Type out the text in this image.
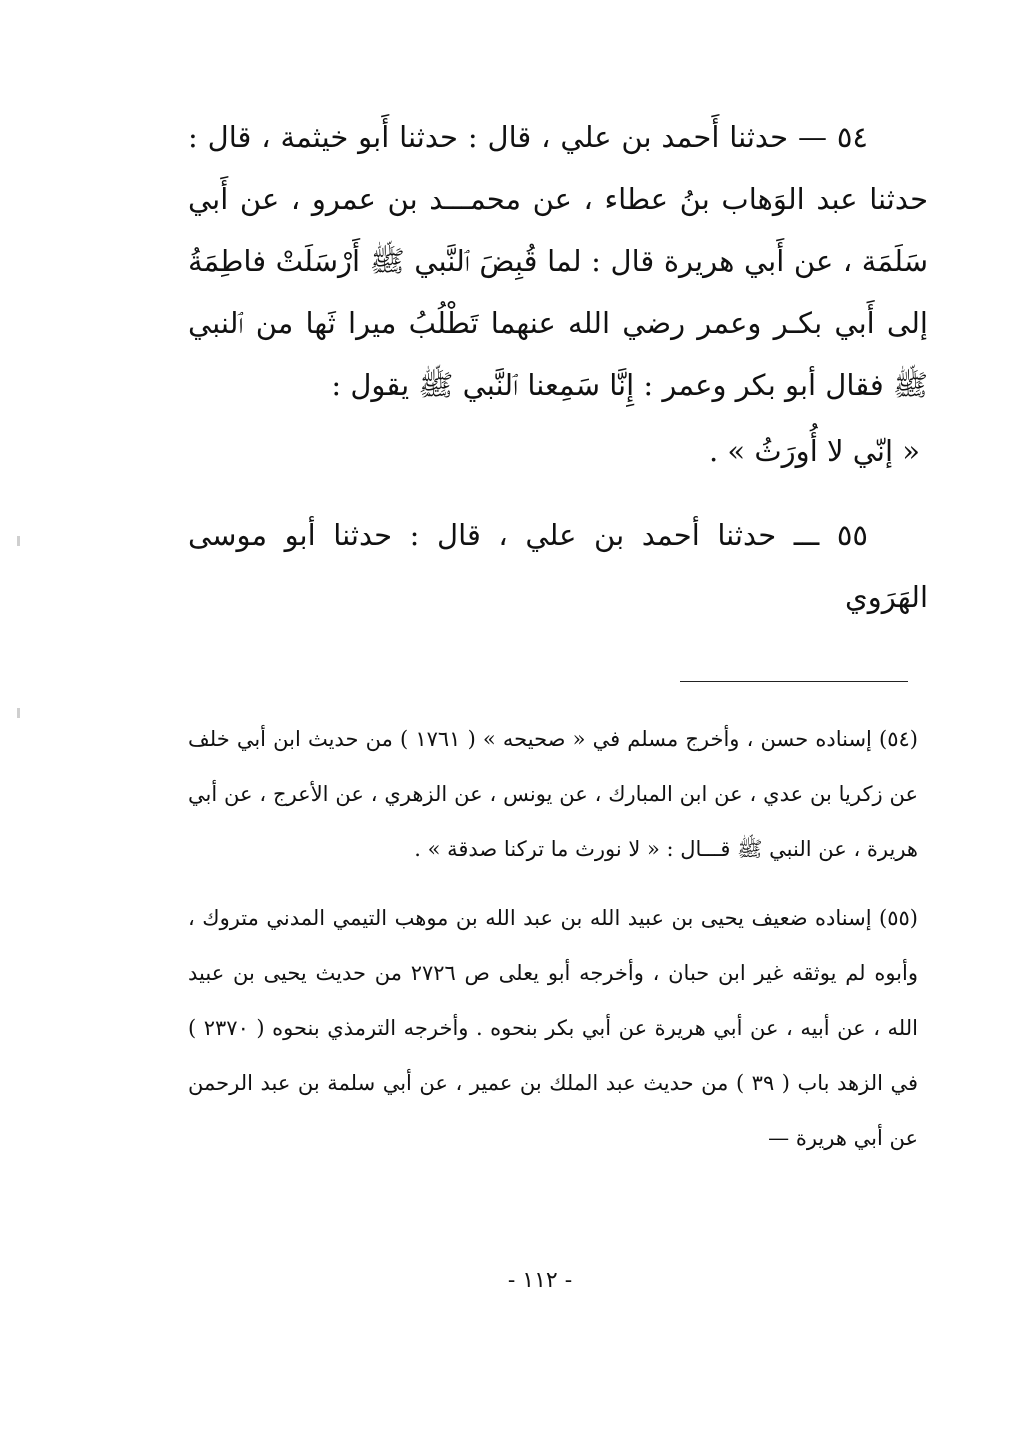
٥٤ — حدثنا أَحمد بن علي ، قال : حدثنا أَبو خيثمة ، قال : حدثنا عبد الوَهاب بنُ عطاء ، عن محمـــد بن عمرو ، عن أَبي سَلَمَة ، عن أَبي هريرة قال : لما قُبِضَ ٱلنَّبي ﷺ أَرْسَلَتْ فاطِمَةُ إلى أَبي بكـر وعمر رضي الله عنهما تَطْلُبُ ميرا ثَها من ٱلنبي ﷺ فقال أبو بكر وعمر : إِنَّا سَمِعنا ٱلنَّبي ﷺ يقول :

« إنّي لا أُورَثُ » .

٥٥ ـــ حدثنا أحمد بن علي ، قال : حدثنا أبو موسى الهَرَوي

(٥٤) إسناده حسن ، وأخرج مسلم في « صحيحه » ( ١٧٦١ ) من حديث ابن أبي خلف عن زكريا بن عدي ، عن ابن المبارك ، عن يونس ، عن الزهري ، عن الأعرج ، عن أبي هريرة ، عن النبي ﷺ قـــال : « لا نورث ما تركنا صدقة » .

(٥٥) إسناده ضعيف يحيى بن عبيد الله بن عبد الله بن موهب التيمي المدني متروك ، وأبوه لم يوثقه غير ابن حبان ، وأخرجه أبو يعلى ص ٢٧٢٦ من حديث يحيى بن عبيد الله ، عن أبيه ، عن أبي هريرة عن أبي بكر بنحوه . وأخرجه الترمذي بنحوه ( ٢٣٧٠ ) في الزهد باب ( ٣٩ ) من حديث عبد الملك بن عمير ، عن أبي سلمة بن عبد الرحمن عن أبي هريرة —

- ١١٢ -
